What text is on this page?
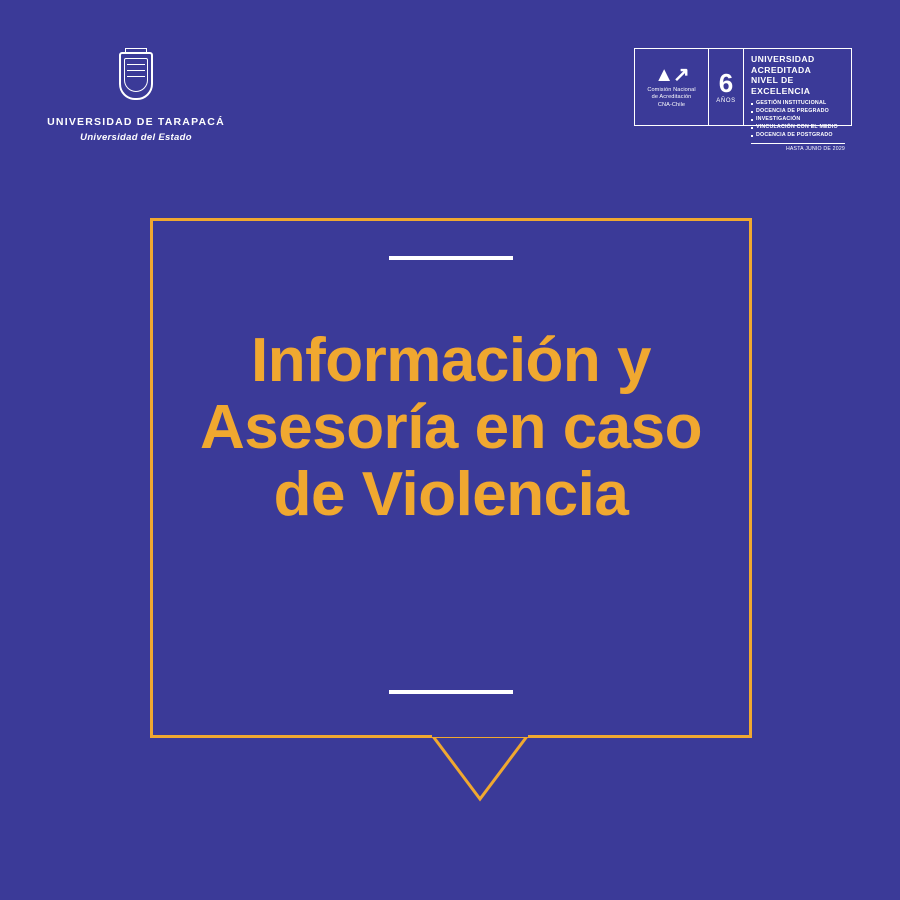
UNIVERSIDAD DE TARAPACÁ
Universidad del Estado
▲↗
Comisión Nacional
de Acreditación
CNA-Chile
6
AÑOS
UNIVERSIDAD ACREDITADA
NIVEL DE EXCELENCIA
GESTIÓN INSTITUCIONAL
DOCENCIA DE PREGRADO
INVESTIGACIÓN
VINCULACIÓN CON EL MEDIO
DOCENCIA DE POSTGRADO
HASTA JUNIO DE 2029
Información y Asesoría en caso de Violencia
